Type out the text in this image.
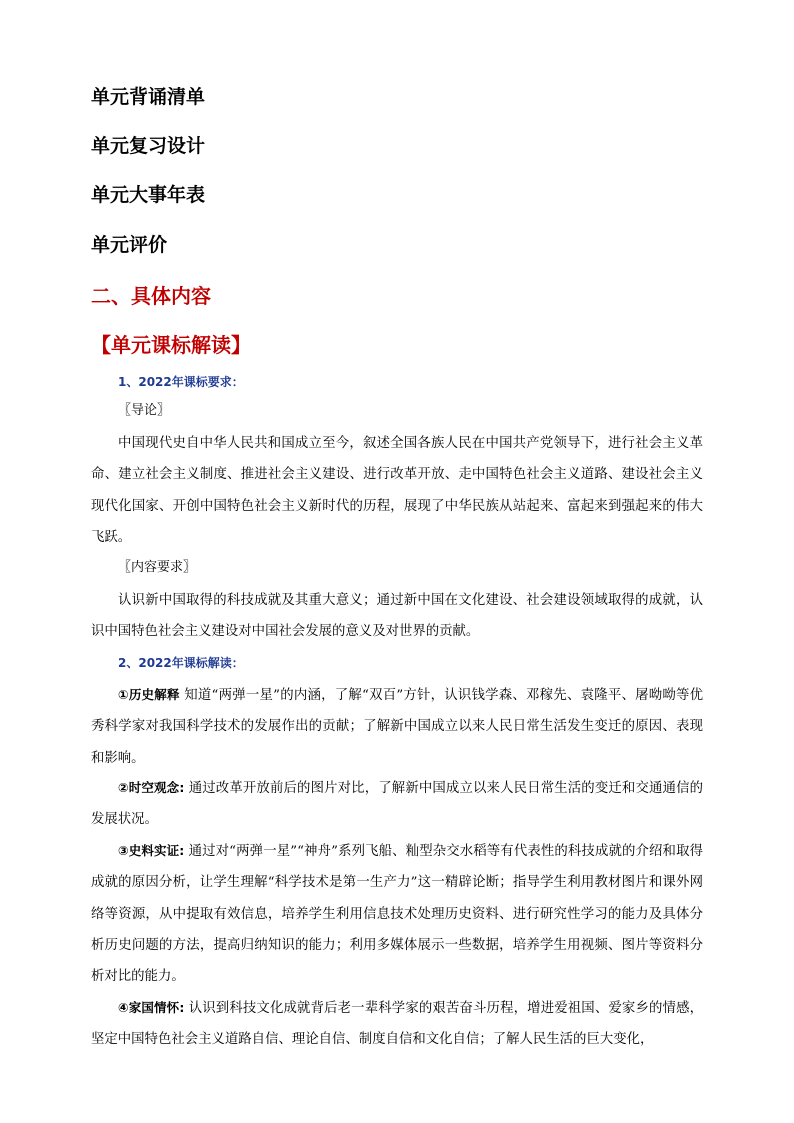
单元背诵清单
单元复习设计
单元大事年表
单元评价
二、具体内容
【单元课标解读】
1、2022年课标要求：
〖导论〗

中国现代史自中华人民共和国成立至今，叙述全国各族人民在中国共产党领导下，进行社会主义革命、建立社会主义制度、推进社会主义建设、进行改革开放、走中国特色社会主义道路、建设社会主义现代化国家、开创中国特色社会主义新时代的历程，展现了中华民族从站起来、富起来到强起来的伟大飞跃。

〖内容要求〗

认识新中国取得的科技成就及其重大意义；通过新中国在文化建设、社会建设领域取得的成就，认识中国特色社会主义建设对中国社会发展的意义及对世界的贡献。

2、2022年课标解读：

①历史解释 知道“两弹一星”的内涵，了解“双百”方针，认识钱学森、邓稼先、袁隆平、屠呦呦等优秀科学家对我国科学技术的发展作出的贡献；了解新中国成立以来人民日常生活发生变迁的原因、表现和影响。

②时空观念: 通过改革开放前后的图片对比，了解新中国成立以来人民日常生活的变迁和交通通信的发展状况。

③史料实证: 通过对“两弹一星”“神舟”系列飞船、籼型杂交水稻等有代表性的科技成就的介绍和取得成就的原因分析，让学生理解“科学技术是第一生产力”这一精辟论断；指导学生利用教材图片和课外网络等资源，从中提取有效信息，培养学生利用信息技术处理历史资料、进行研究性学习的能力及具体分析历史问题的方法，提高归纳知识的能力；利用多媒体展示一些数据，培养学生用视频、图片等资料分析对比的能力。

④家国情怀: 认识到科技文化成就背后老一辈科学家的艰苦奋斗历程，增进爱祖国、爱家乡的情感，坚定中国特色社会主义道路自信、理论自信、制度自信和文化自信；了解人民生活的巨大变化，
